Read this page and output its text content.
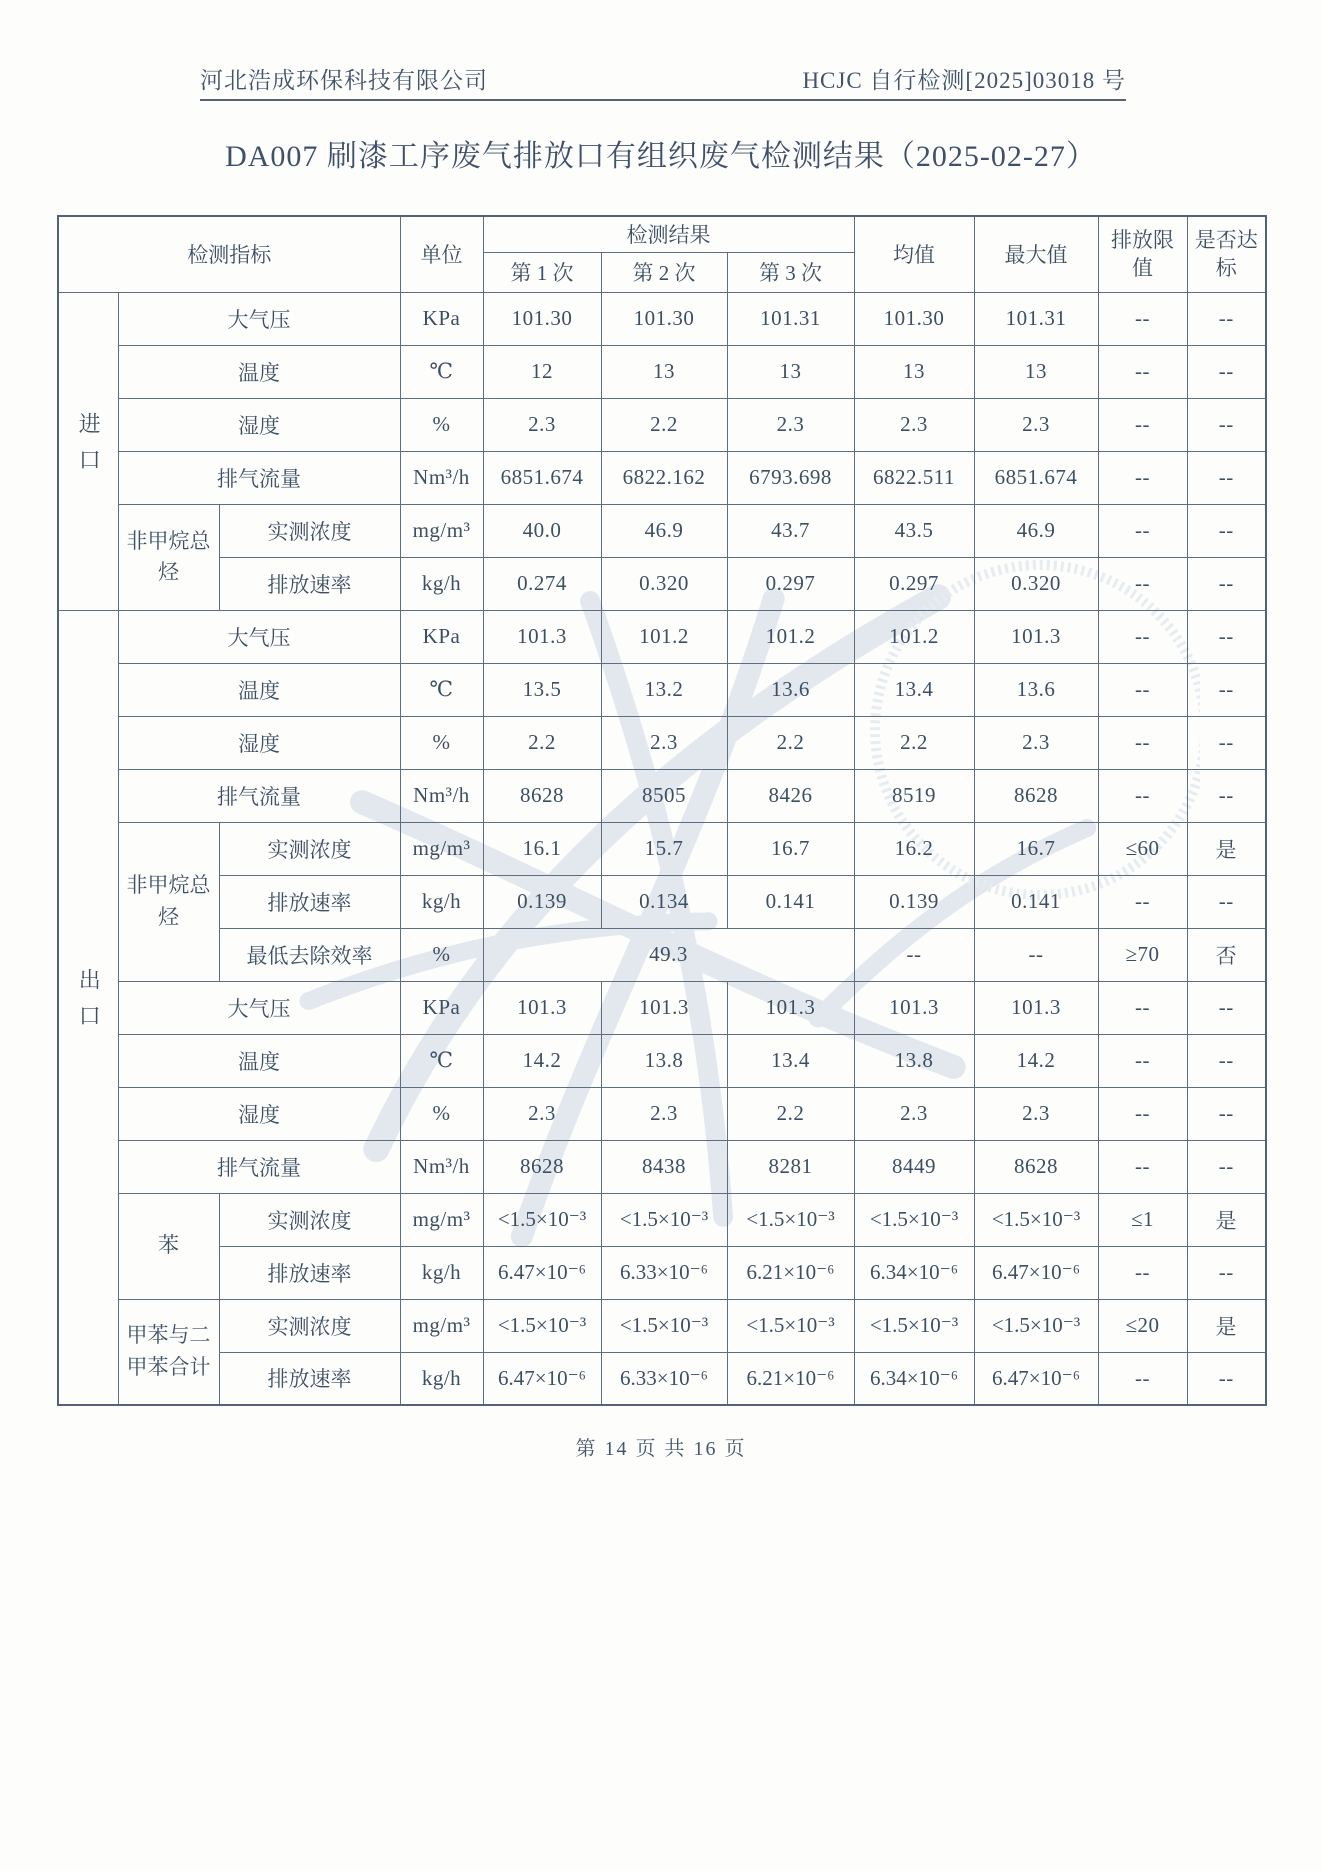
河北浩成环保科技有限公司	HCJC 自行检测[2025]03018 号
DA007 刷漆工序废气排放口有组织废气检测结果（2025-02-27）
检测指标			单位	检测结果			均值	最大值	排放限值	是否达标
				第 1 次	第 2 次	第 3 次				
进口	大气压		KPa	101.30	101.30	101.31	101.30	101.31	--	--
	温度		℃	12	13	13	13	13	--	--
	湿度		%	2.3	2.2	2.3	2.3	2.3	--	--
	排气流量		Nm³/h	6851.674	6822.162	6793.698	6822.511	6851.674	--	--
	非甲烷总烃	实测浓度	mg/m³	40.0	46.9	43.7	43.5	46.9	--	--
		排放速率	kg/h	0.274	0.320	0.297	0.297	0.320	--	--
出口	大气压		KPa	101.3	101.2	101.2	101.2	101.3	--	--
	温度		℃	13.5	13.2	13.6	13.4	13.6	--	--
	湿度		%	2.2	2.3	2.2	2.2	2.3	--	--
	排气流量		Nm³/h	8628	8505	8426	8519	8628	--	--
	非甲烷总烃	实测浓度	mg/m³	16.1	15.7	16.7	16.2	16.7	≤60	是
		排放速率	kg/h	0.139	0.134	0.141	0.139	0.141	--	--
		最低去除效率	%	49.3			--	--	≥70	否
	大气压		KPa	101.3	101.3	101.3	101.3	101.3	--	--
	温度		℃	14.2	13.8	13.4	13.8	14.2	--	--
	湿度		%	2.3	2.3	2.2	2.3	2.3	--	--
	排气流量		Nm³/h	8628	8438	8281	8449	8628	--	--
	苯	实测浓度	mg/m³	<1.5×10⁻³	<1.5×10⁻³	<1.5×10⁻³	<1.5×10⁻³	<1.5×10⁻³	≤1	是
		排放速率	kg/h	6.47×10⁻⁶	6.33×10⁻⁶	6.21×10⁻⁶	6.34×10⁻⁶	6.47×10⁻⁶	--	--
	甲苯与二甲苯合计	实测浓度	mg/m³	<1.5×10⁻³	<1.5×10⁻³	<1.5×10⁻³	<1.5×10⁻³	<1.5×10⁻³	≤20	是
		排放速率	kg/h	6.47×10⁻⁶	6.33×10⁻⁶	6.21×10⁻⁶	6.34×10⁻⁶	6.47×10⁻⁶	--	--
第 14 页 共 16 页
